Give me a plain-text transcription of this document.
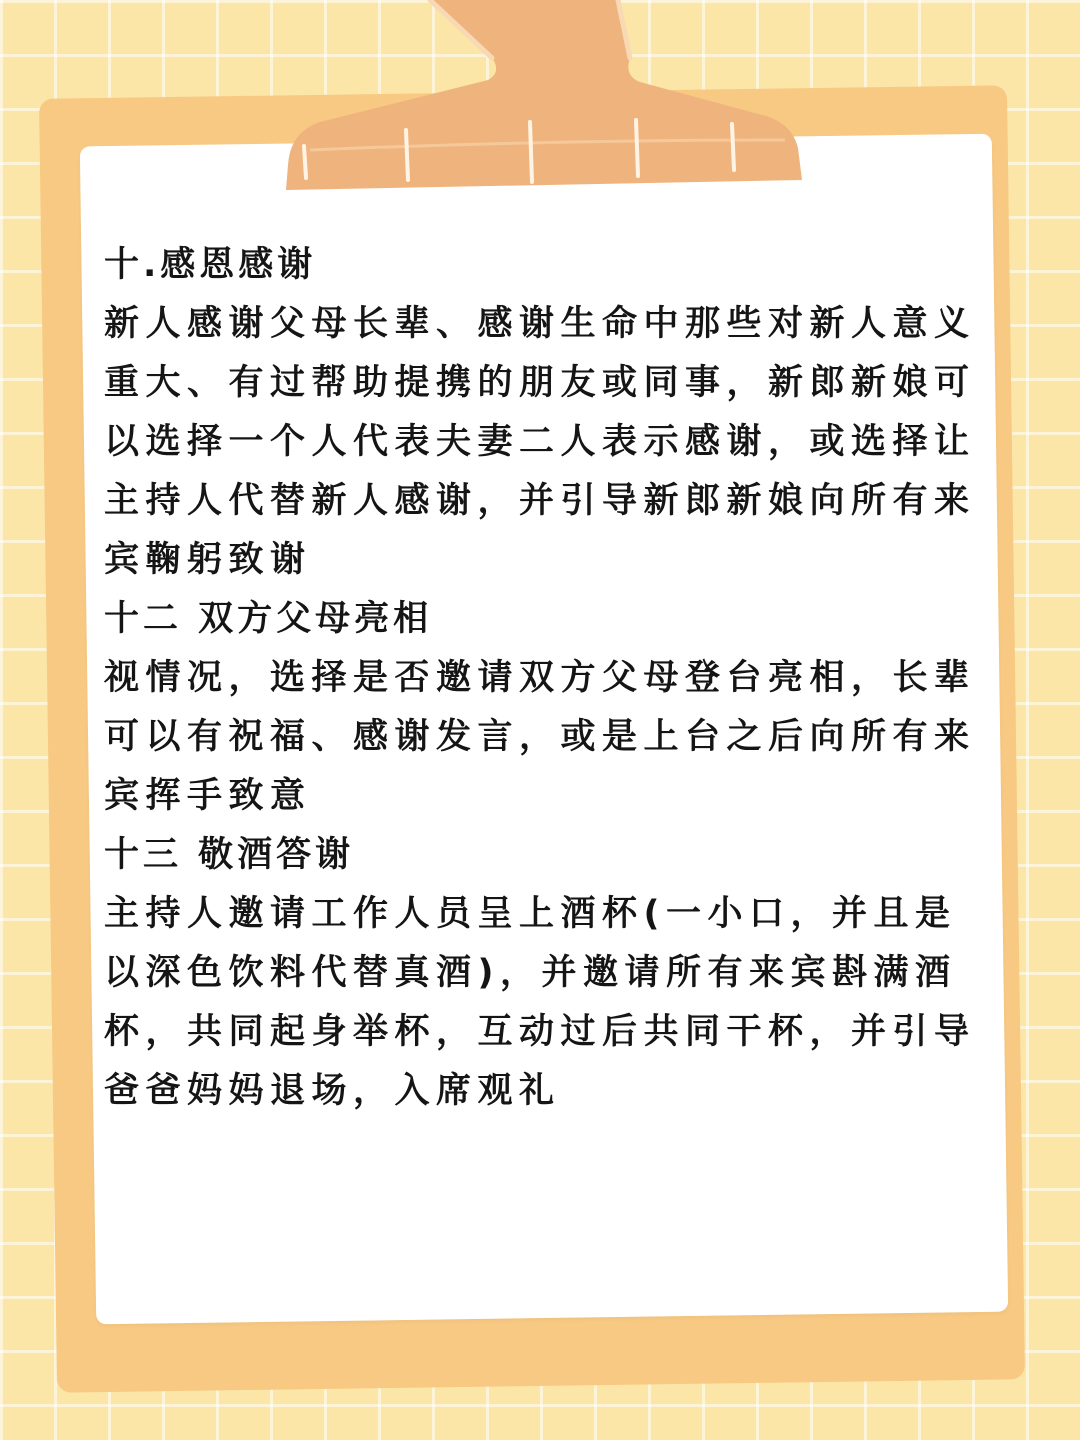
十.感恩感谢

新人感谢父母长辈、感谢生命中那些对新人意义重大、有过帮助提携的朋友或同事，新郎新娘可以选择一个人代表夫妻二人表示感谢，或选择让主持人代替新人感谢，并引导新郎新娘向所有来宾鞠躬致谢

十二 双方父母亮相

视情况，选择是否邀请双方父母登台亮相，长辈可以有祝福、感谢发言，或是上台之后向所有来宾挥手致意

十三 敬酒答谢

主持人邀请工作人员呈上酒杯(一小口，并且是以深色饮料代替真酒)，并邀请所有来宾斟满酒杯，共同起身举杯，互动过后共同干杯，并引导爸爸妈妈退场，入席观礼
